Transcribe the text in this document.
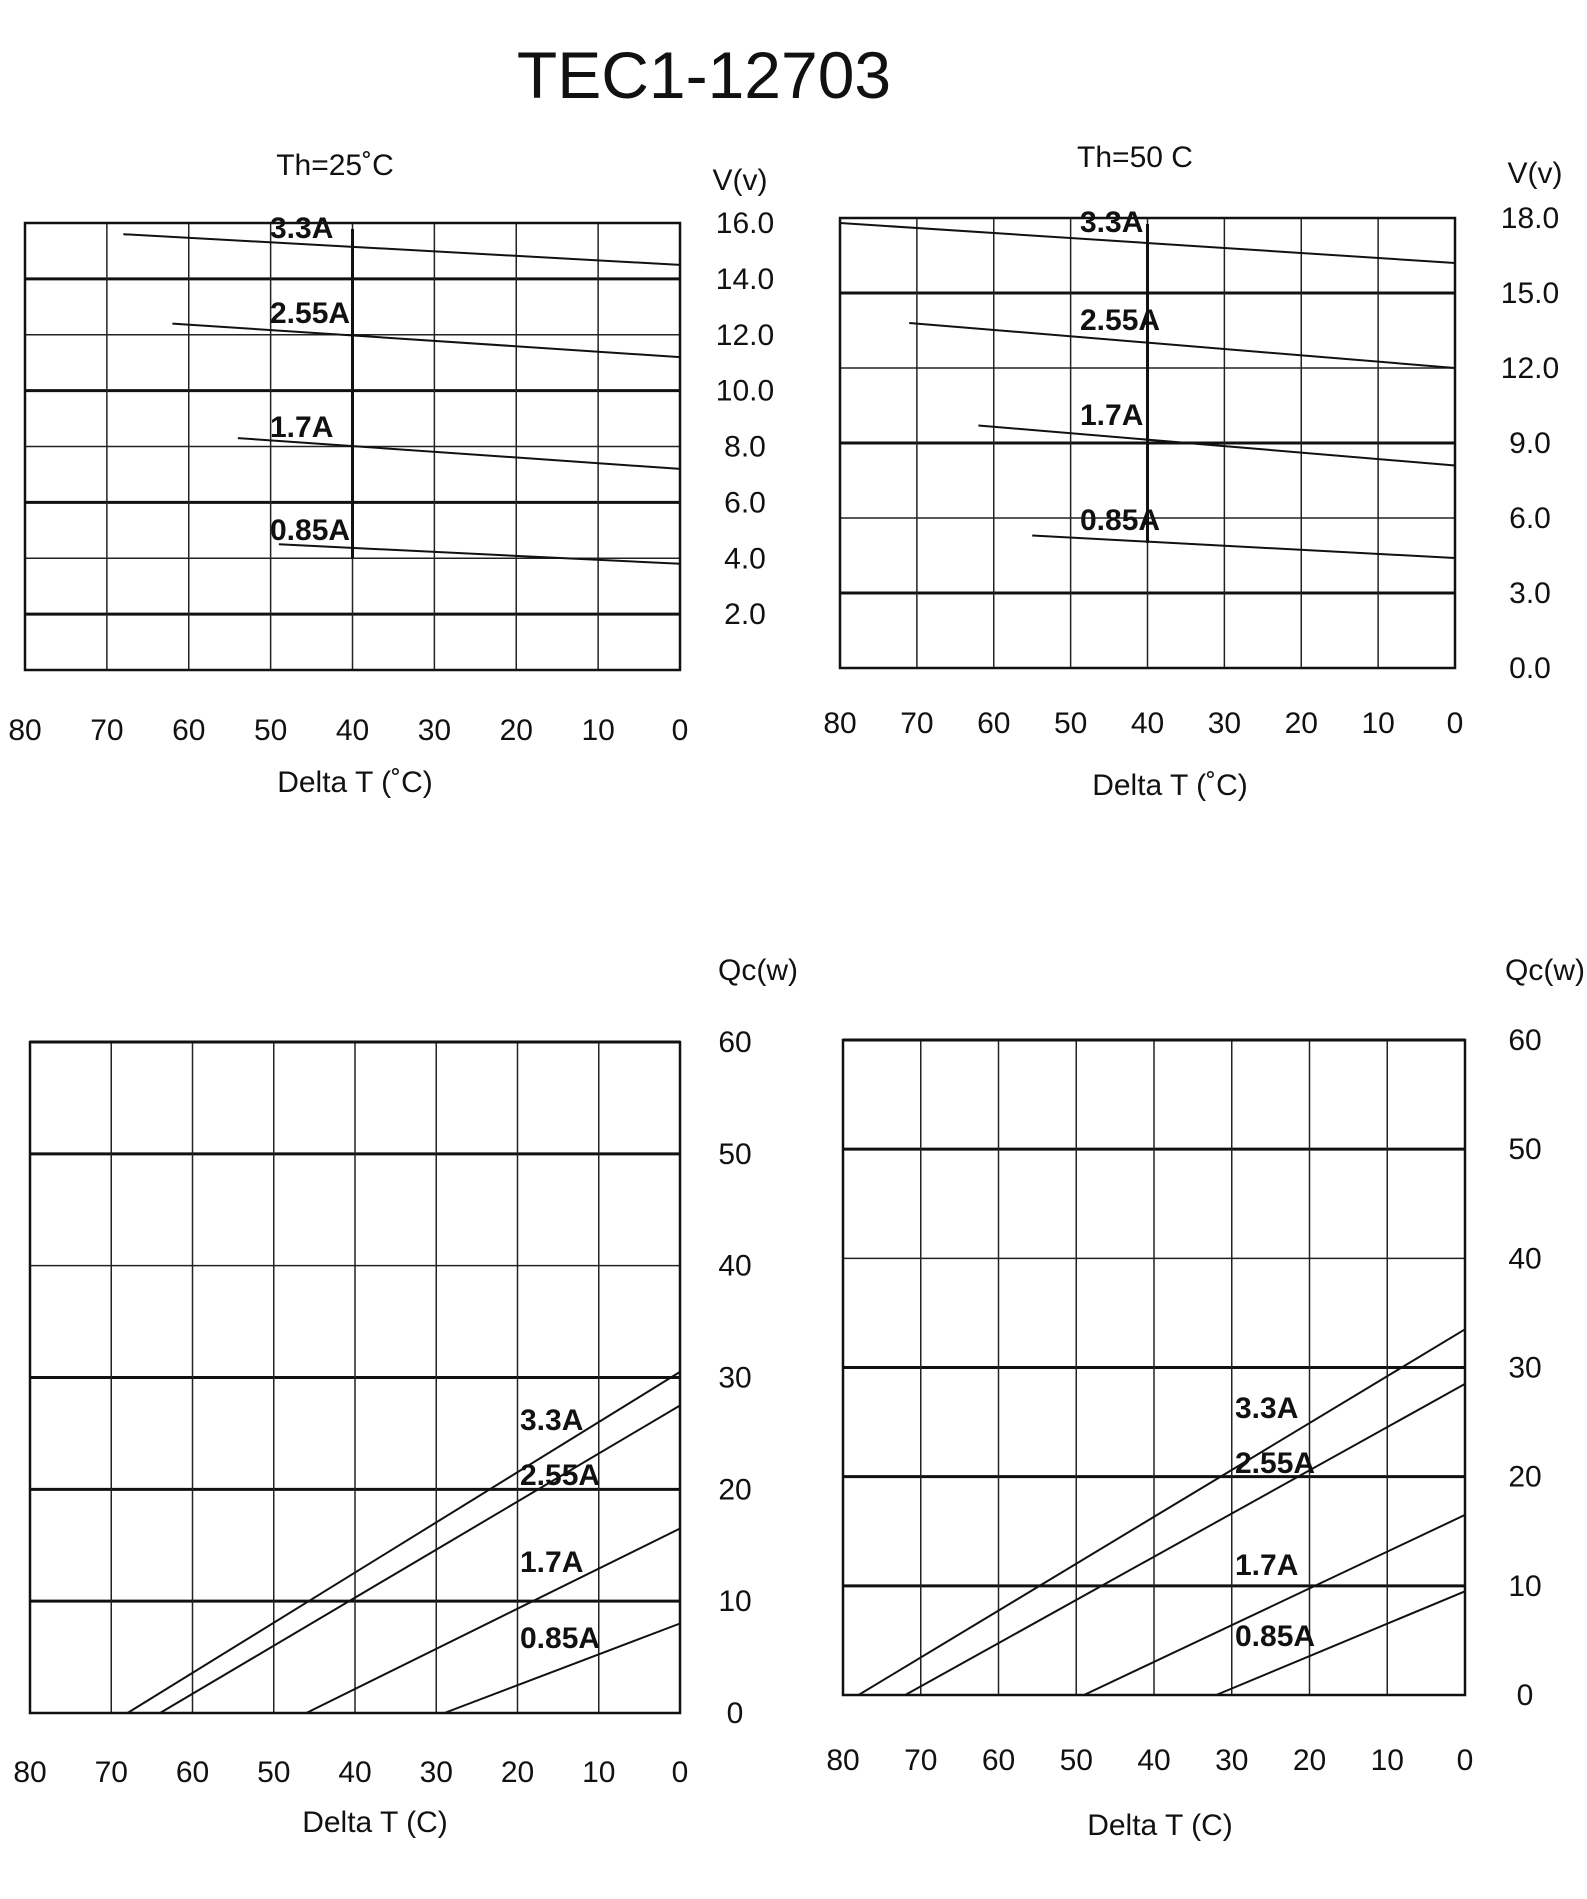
TEC1-12703
Th=25˚C	V(v)
16.0
14.0
12.0
10.0
8.0
6.0
4.0
2.0
80 70 60 50 40 30 20 10 0
Delta T (˚C)
3.3A
2.55A
1.7A
0.85A
Th=50 C	V(v)
18.0
15.0
12.0
9.0
6.0
3.0
0.0
80 70 60 50 40 30 20 10 0
Delta T (˚C)
3.3A
2.55A
1.7A
0.85A
Qc(w)
60
50
40
30
20
10
0
80 70 60 50 40 30 20 10 0
Delta T (C)
3.3A
2.55A
1.7A
0.85A
Qc(w)
60
50
40
30
20
10
0
80 70 60 50 40 30 20 10 0
Delta T (C)
3.3A
2.55A
1.7A
0.85A
